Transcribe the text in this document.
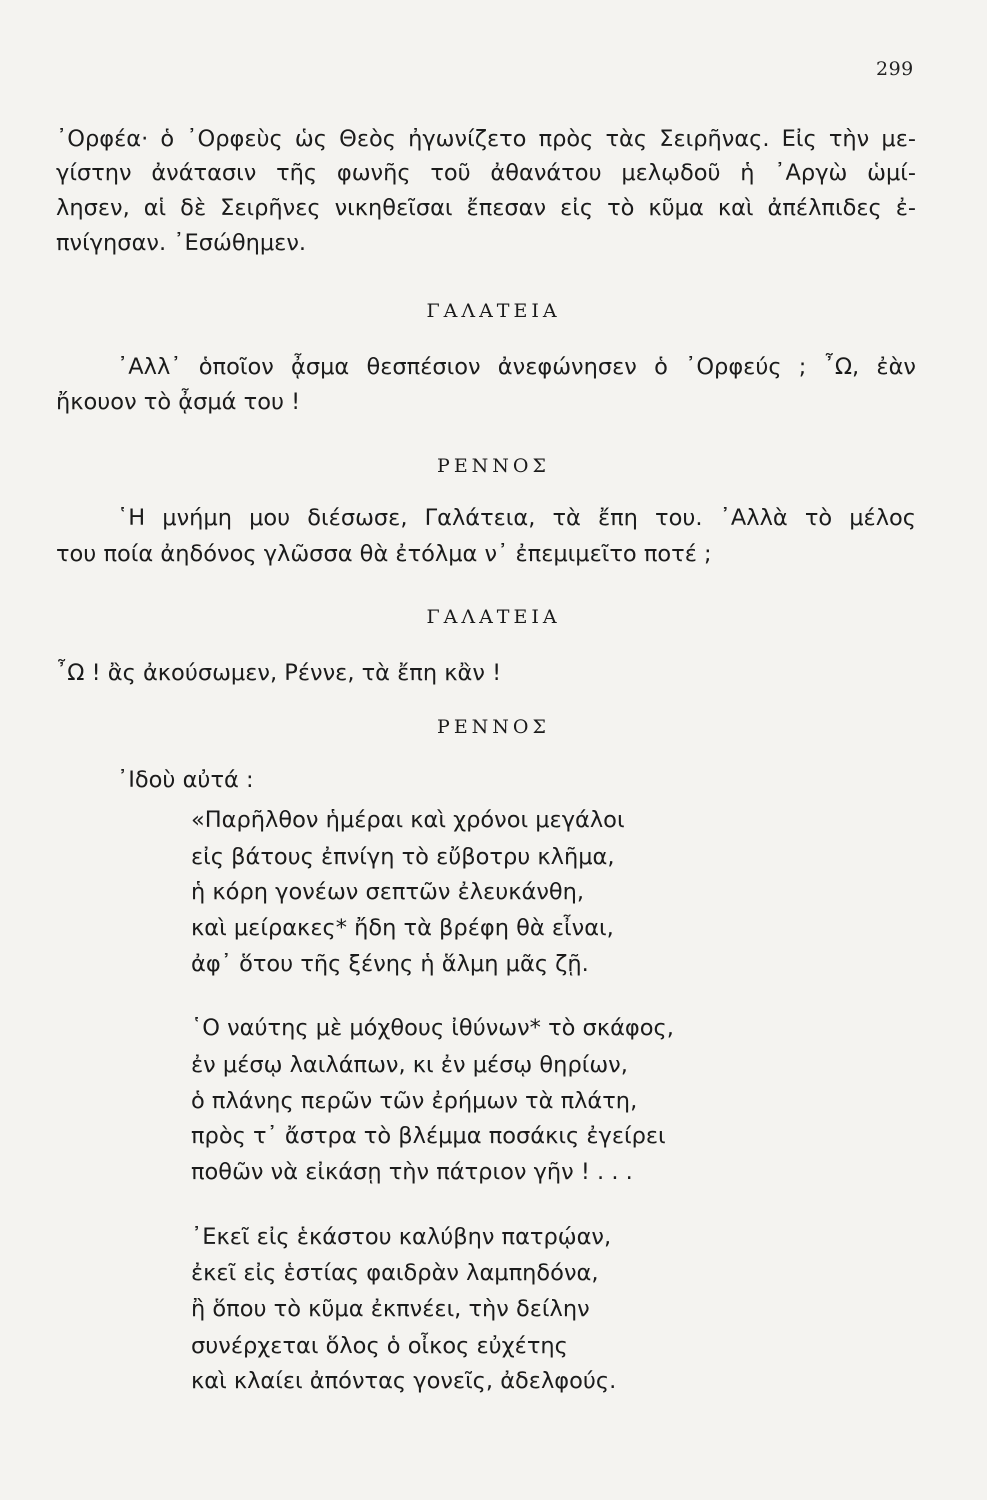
299
᾿Ορφέα· ὁ ᾿Ορφεὺς ὡς Θεὸς ἠγωνίζετο πρὸς τὰς Σειρῆνας. Εἰς τὴν με-
γίστην ἀνάτασιν τῆς φωνῆς τοῦ ἀθανάτου μελῳδοῦ ἡ ᾿Αργὼ ὡμί-
λησεν, αἱ δὲ Σειρῆνες νικηθεῖσαι ἔπεσαν εἰς τὸ κῦμα καὶ ἀπέλπιδες ἐ-
πνίγησαν. ᾿Εσώθημεν.
ΓΑΛΑΤΕΙΑ
᾿Αλλ᾿ ὁποῖον ᾆσμα θεσπέσιον ἀνεφώνησεν ὁ ᾿Ορφεύς ; ῏Ω, ἐὰν
ἤκουον τὸ ᾆσμά του !
ΡΕΝΝΟΣ
῾Η μνήμη μου διέσωσε, Γαλάτεια, τὰ ἔπη του. ᾿Αλλὰ τὸ μέλος
του ποία ἀηδόνος γλῶσσα θὰ ἐτόλμα ν᾿ ἐπεμιμεῖτο ποτέ ;
ΓΑΛΑΤΕΙΑ
῏Ω ! ἂς ἀκούσωμεν, Ρέννε, τὰ ἔπη κἂν !
ΡΕΝΝΟΣ
᾿Ιδοὺ αὐτά :
«Παρῆλθον ἡμέραι καὶ χρόνοι μεγάλοι
εἰς βάτους ἐπνίγη τὸ εὔβοτρυ κλῆμα,
ἡ κόρη γονέων σεπτῶν ἐλευκάνθη,
καὶ μείρακες* ἤδη τὰ βρέφη θὰ εἶναι,
ἀφ᾿ ὅτου τῆς ξένης ἡ ἅλμη μᾶς ζῇ.
῾Ο ναύτης μὲ μόχθους ἰθύνων* τὸ σκάφος,
ἐν μέσῳ λαιλάπων, κι ἐν μέσῳ θηρίων,
ὁ πλάνης περῶν τῶν ἐρήμων τὰ πλάτη,
πρὸς τ᾿ ἄστρα τὸ βλέμμα ποσάκις ἐγείρει
ποθῶν νὰ εἰκάσῃ τὴν πάτριον γῆν ! . . .
᾿Εκεῖ εἰς ἑκάστου καλύβην πατρῴαν,
ἐκεῖ εἰς ἑστίας φαιδρὰν λαμπηδόνα,
ἢ ὅπου τὸ κῦμα ἐκπνέει, τὴν δείλην
συνέρχεται ὅλος ὁ οἶκος εὐχέτης
καὶ κλαίει ἀπόντας γονεῖς, ἀδελφούς.
